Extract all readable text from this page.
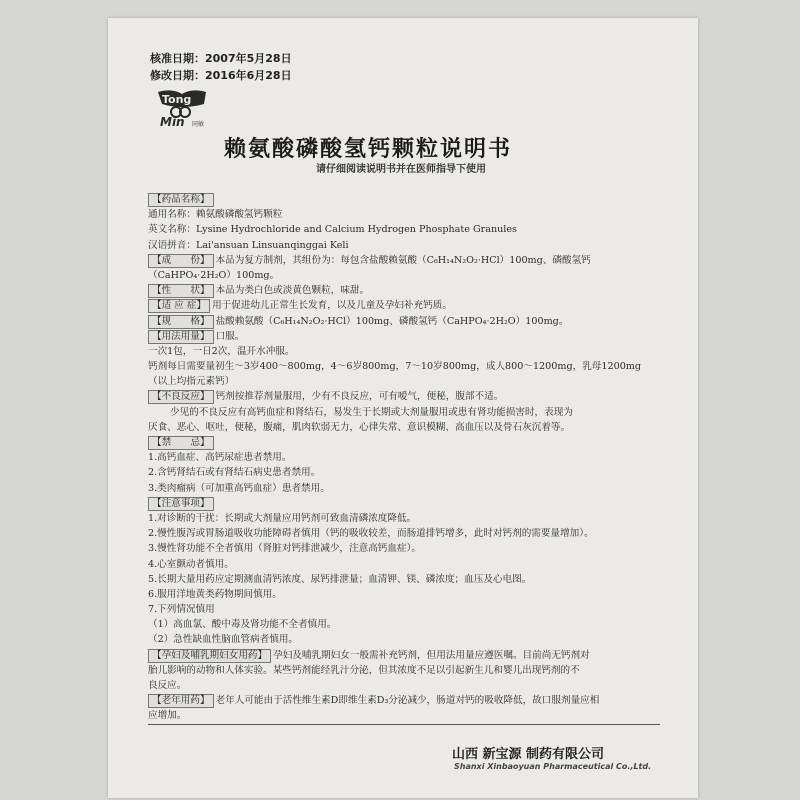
核准日期：2007年5月28日
修改日期：2016年6月28日
Tong
Min 同敏
赖氨酸磷酸氢钙颗粒说明书
请仔细阅读说明书并在医师指导下使用
【药品名称】
通用名称：赖氨酸磷酸氢钙颗粒
英文名称：Lysine Hydrochloride and Calcium Hydrogen Phosphate Granules
汉语拼音：Lai'ansuan Linsuanqinggai Keli
【成　　份】 本品为复方制剂，其组份为：每包含盐酸赖氨酸（C₆H₁₄N₂O₂·HCl）100mg、磷酸氢钙
（CaHPO₄·2H₂O）100mg。
【性　　状】 本品为类白色或淡黄色颗粒，味甜。
【适 应 症】 用于促进幼儿正常生长发育，以及儿童及孕妇补充钙质。
【规　　格】 盐酸赖氨酸（C₆H₁₄N₂O₂·HCl）100mg、磷酸氢钙（CaHPO₄·2H₂O）100mg。
【用法用量】 口服。
一次1包，一日2次，温开水冲服。
钙剂每日需要量初生～3岁400～800mg，4～6岁800mg，7～10岁800mg，成人800～1200mg，乳母1200mg
（以上均指元素钙）
【不良反应】 钙剂按推荐剂量服用，少有不良反应，可有嗳气，便秘，腹部不适。
少见的不良反应有高钙血症和肾结石，易发生于长期或大剂量服用或患有肾功能损害时，表现为
厌食、恶心、呕吐，便秘，腹痛，肌肉软弱无力，心律失常、意识模糊、高血压以及骨石灰沉着等。
【禁　　忌】
1.高钙血症、高钙尿症患者禁用。
2.含钙肾结石或有肾结石病史患者禁用。
3.类肉瘤病（可加重高钙血症）患者禁用。
【注意事项】
1.对诊断的干扰：长期或大剂量应用钙剂可致血清磷浓度降低。
2.慢性腹泻或胃肠道吸收功能障碍者慎用（钙的吸收较差，而肠道排钙增多，此时对钙剂的需要量增加）。
3.慢性肾功能不全者慎用（肾脏对钙排泄减少，注意高钙血症）。
4.心室颤动者慎用。
5.长期大量用药应定期测血清钙浓度、尿钙排泄量；血清钾、镁、磷浓度；血压及心电图。
6.服用洋地黄类药物期间慎用。
7.下列情况慎用
（1）高血氯、酸中毒及肾功能不全者慎用。
（2）急性缺血性脑血管病者慎用。
【孕妇及哺乳期妇女用药】 孕妇及哺乳期妇女一般需补充钙剂，但用法用量应遵医嘱。目前尚无钙剂对
胎儿影响的动物和人体实验。某些钙剂能经乳汁分泌，但其浓度不足以引起新生儿和婴儿出现钙剂的不
良反应。
【老年用药】 老年人可能由于活性维生素D即维生素D₃分泌减少，肠道对钙的吸收降低，故口服剂量应相
应增加。
山西 新宝源 制药有限公司
Shanxi Xinbaoyuan Pharmaceutical Co.,Ltd.
